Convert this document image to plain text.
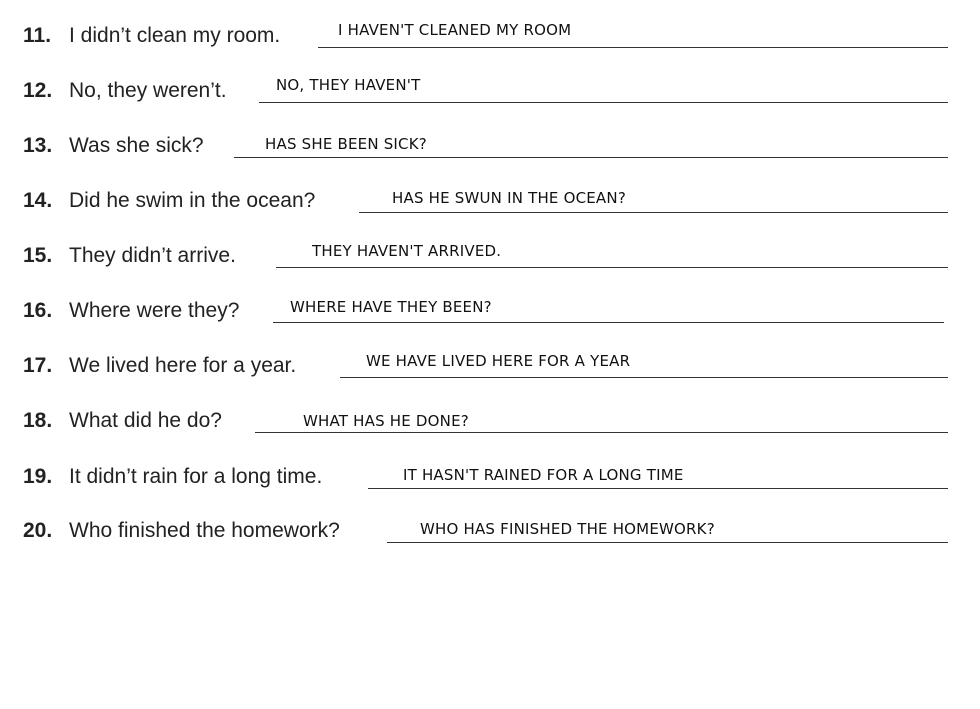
11. I didn’t clean my room.	I HAVEN'T CLEANED MY ROOM
12. No, they weren’t.	NO, THEY HAVEN'T
13. Was she sick?	HAS SHE BEEN SICK?
14. Did he swim in the ocean?	HAS HE SWUN IN THE OCEAN?
15. They didn’t arrive.	THEY HAVEN'T ARRIVED.
16. Where were they?	WHERE HAVE THEY BEEN?
17. We lived here for a year.	WE HAVE LIVED HERE FOR A YEAR
18. What did he do?	WHAT HAS HE DONE?
19. It didn’t rain for a long time.	IT HASN'T RAINED FOR A LONG TIME
20. Who finished the homework?	WHO HAS FINISHED THE HOMEWORK?
